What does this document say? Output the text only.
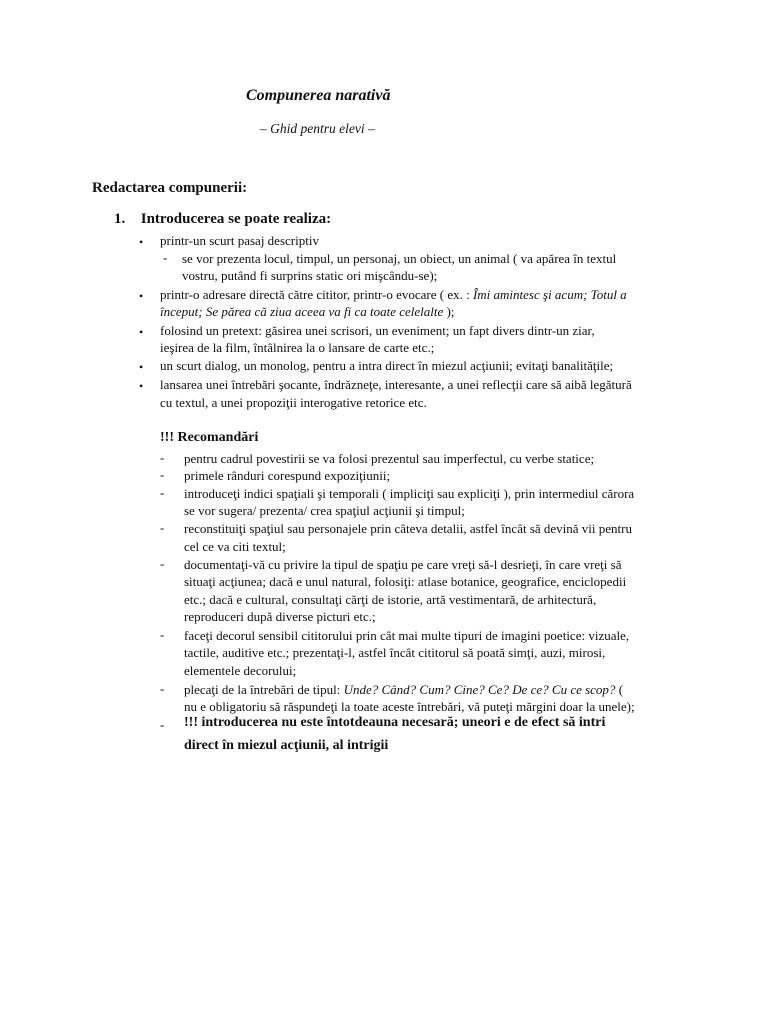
Compunerea narativă
– Ghid pentru elevi –
Redactarea compunerii:
1. Introducerea se poate realiza:
• printr-un scurt pasaj descriptiv
- se vor prezenta locul, timpul, un personaj, un obiect, un animal ( va apărea în textul
vostru, putând fi surprins static ori mişcându-se);
• printr-o adresare directă către cititor, printr-o evocare ( ex. : Îmi amintesc şi acum; Totul a
început; Se părea că ziua aceea va fi ca toate celelalte );
• folosind un pretext: găsirea unei scrisori, un eveniment; un fapt divers dintr-un ziar,
ieşirea de la film, întâlnirea la o lansare de carte etc.;
• un scurt dialog, un monolog, pentru a intra direct în miezul acţiunii; evitaţi banalităţile;
• lansarea unei întrebări şocante, îndrăzneţe, interesante, a unei reflecţii care să aibă legătură
cu textul, a unei propoziţii interogative retorice etc.
!!! Recomandări
- pentru cadrul povestirii se va folosi prezentul sau imperfectul, cu verbe statice;
- primele rânduri corespund expoziţiunii;
- introduceţi indici spaţiali şi temporali ( impliciţi sau expliciţi ), prin intermediul cărora
se vor sugera/ prezenta/ crea spaţiul acţiunii şi timpul;
- reconstituiţi spaţiul sau personajele prin câteva detalii, astfel încât să devină vii pentru
cel ce va citi textul;
- documentaţi-vă cu privire la tipul de spaţiu pe care vreţi să-l desrieţi, în care vreţi să
situaţi acţiunea; dacă e unul natural, folosiţi: atlase botanice, geografice, enciclopedii
etc.; dacă e cultural, consultaţi cărţi de istorie, artă vestimentară, de arhitectură,
reproduceri după diverse picturi etc.;
- faceţi decorul sensibil cititorului prin cât mai multe tipuri de imagini poetice: vizuale,
tactile, auditive etc.; prezentaţi-l, astfel încât cititorul să poată simţi, auzi, mirosi,
elementele decorului;
- plecaţi de la întrebări de tipul: Unde? Când? Cum? Cine? Ce? De ce? Cu ce scop? (
nu e obligatoriu să răspundeţi la toate aceste întrebări, vă puteţi mărgini doar la unele);
- !!! introducerea nu este întotdeauna necesară; uneori e de efect să intri
direct în miezul acţiunii, al intrigii
